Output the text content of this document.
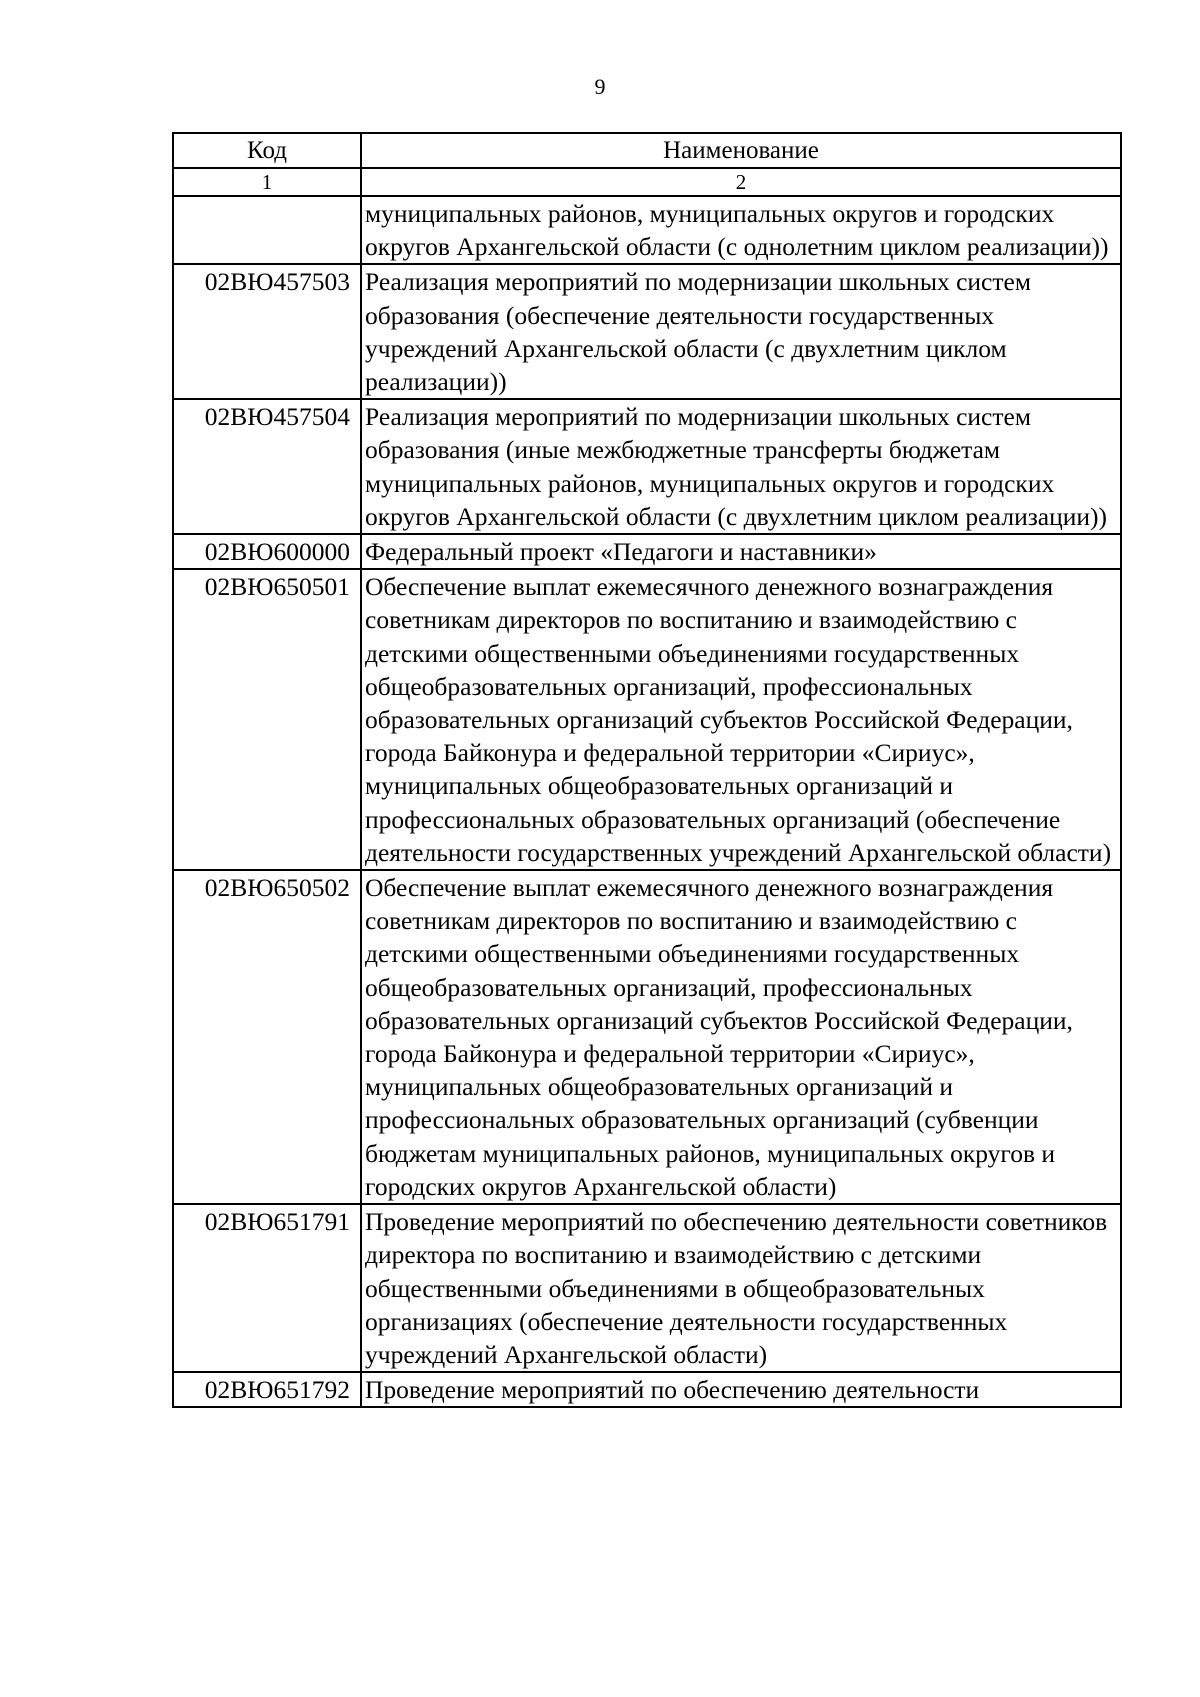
9
Код	Наименование
1	2
	муниципальных районов, муниципальных округов и городских округов Архангельской области (с однолетним циклом реализации))
02ВЮ457503	Реализация мероприятий по модернизации школьных систем образования (обеспечение деятельности государственных учреждений Архангельской области (с двухлетним циклом реализации))
02ВЮ457504	Реализация мероприятий по модернизации школьных систем образования (иные межбюджетные трансферты бюджетам муниципальных районов, муниципальных округов и городских округов Архангельской области (с двухлетним циклом реализации))
02ВЮ600000	Федеральный проект «Педагоги и наставники»
02ВЮ650501	Обеспечение выплат ежемесячного денежного вознаграждения советникам директоров по воспитанию и взаимодействию с детскими общественными объединениями государственных общеобразовательных организаций, профессиональных образовательных организаций субъектов Российской Федерации, города Байконура и федеральной территории «Сириус», муниципальных общеобразовательных организаций и профессиональных образовательных организаций (обеспечение деятельности государственных учреждений Архангельской области)
02ВЮ650502	Обеспечение выплат ежемесячного денежного вознаграждения советникам директоров по воспитанию и взаимодействию с детскими общественными объединениями государственных общеобразовательных организаций, профессиональных образовательных организаций субъектов Российской Федерации, города Байконура и федеральной территории «Сириус», муниципальных общеобразовательных организаций и профессиональных образовательных организаций (субвенции бюджетам муниципальных районов, муниципальных округов и городских округов Архангельской области)
02ВЮ651791	Проведение мероприятий по обеспечению деятельности советников директора по воспитанию и взаимодействию с детскими общественными объединениями в общеобразовательных организациях (обеспечение деятельности государственных учреждений Архангельской области)
02ВЮ651792	Проведение мероприятий по обеспечению деятельности
